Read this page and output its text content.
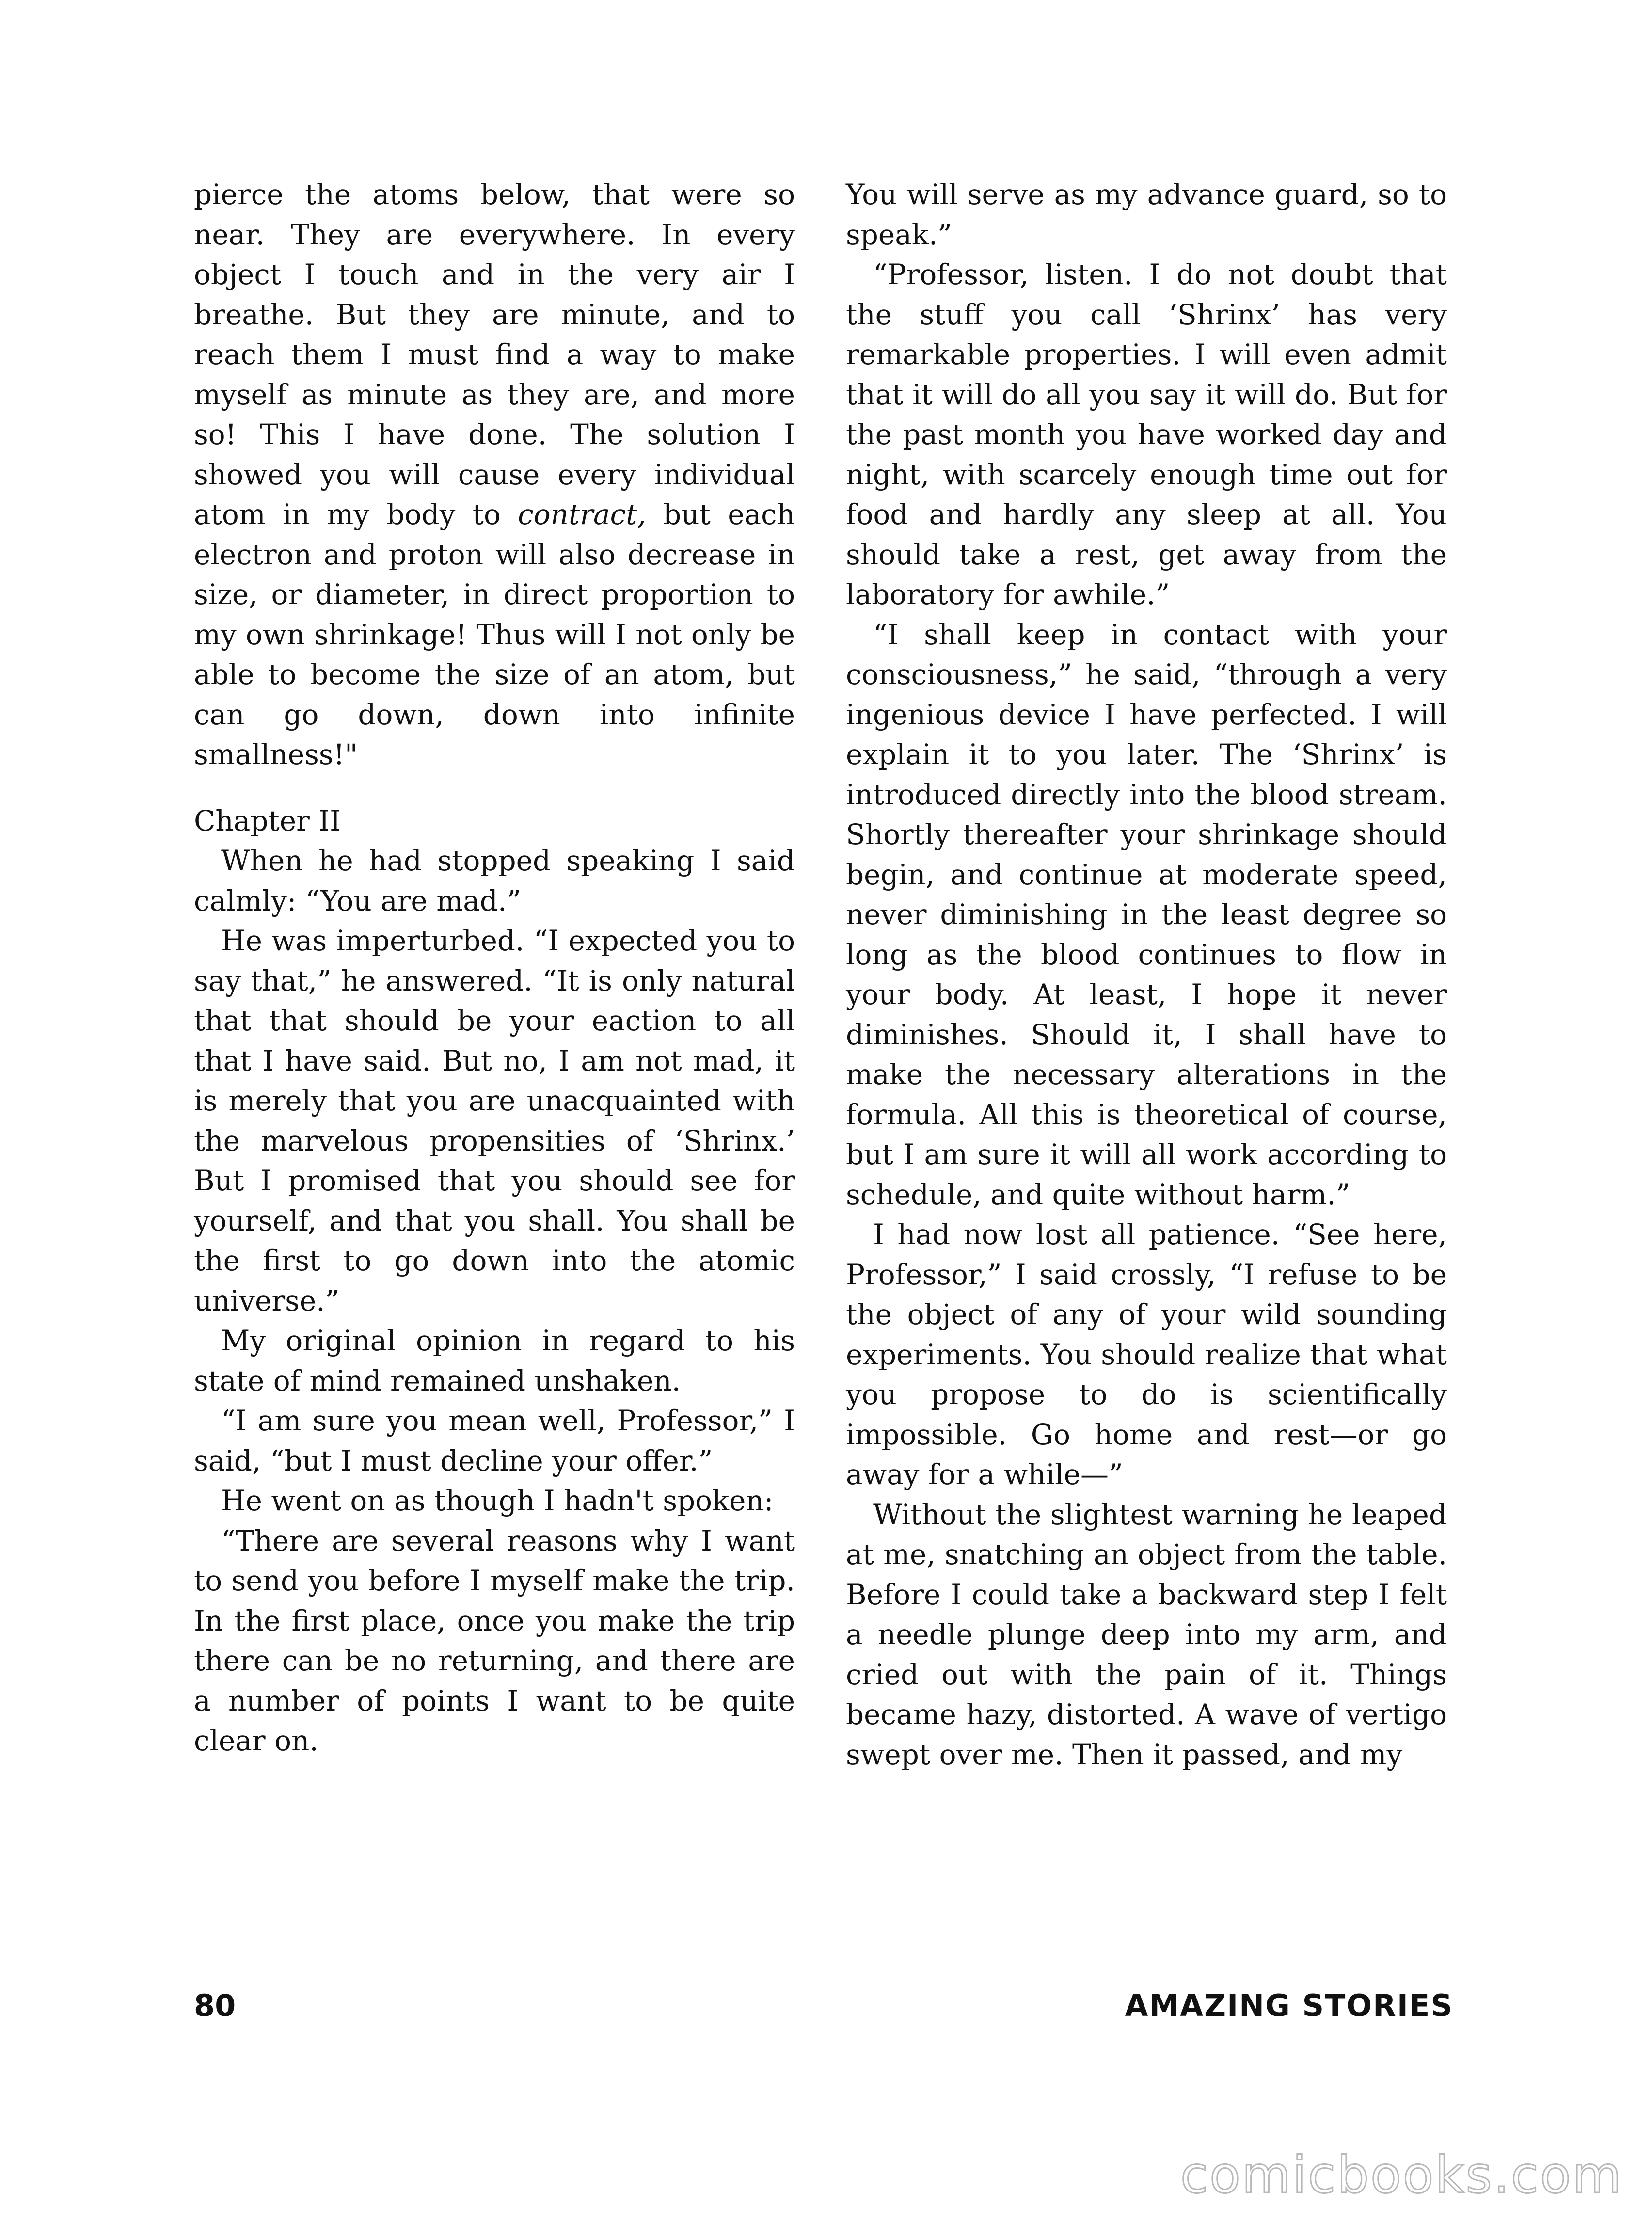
pierce the atoms below, that were so near. They are everywhere. In every object I touch and in the very air I breathe. But they are minute, and to reach them I must find a way to make myself as minute as they are, and more so! This I have done. The solution I showed you will cause every individual atom in my body to contract, but each electron and proton will also decrease in size, or diameter, in direct proportion to my own shrinkage! Thus will I not only be able to become the size of an atom, but can go down, down into infinite smallness!"

Chapter II

When he had stopped speaking I said calmly: “You are mad.”

He was imperturbed. “I expected you to say that,” he answered. “It is only natural that that should be your eaction to all that I have said. But no, I am not mad, it is merely that you are unacquainted with the marvelous propensities of ‘Shrinx.’ But I promised that you should see for yourself, and that you shall. You shall be the first to go down into the atomic universe.”

My original opinion in regard to his state of mind remained unshaken.

“I am sure you mean well, Professor,” I said, “but I must decline your offer.”

He went on as though I hadn't spoken:

“There are several reasons why I want to send you before I myself make the trip. In the first place, once you make the trip there can be no returning, and there are a number of points I want to be quite clear on.

You will serve as my advance guard, so to speak.”

“Professor, listen. I do not doubt that the stuff you call ‘Shrinx’ has very remarkable properties. I will even admit that it will do all you say it will do. But for the past month you have worked day and night, with scarcely enough time out for food and hardly any sleep at all. You should take a rest, get away from the laboratory for awhile.”

“I shall keep in contact with your consciousness,” he said, “through a very ingenious device I have perfected. I will explain it to you later. The ‘Shrinx’ is introduced directly into the blood stream. Shortly thereafter your shrinkage should begin, and continue at moderate speed, never diminishing in the least degree so long as the blood continues to flow in your body. At least, I hope it never diminishes. Should it, I shall have to make the necessary alterations in the formula. All this is theoretical of course, but I am sure it will all work according to schedule, and quite without harm.”

I had now lost all patience. “See here, Professor,” I said crossly, “I refuse to be the object of any of your wild sounding experiments. You should realize that what you propose to do is scientifically impossible. Go home and rest—or go away for a while—”

Without the slightest warning he leaped at me, snatching an object from the table. Before I could take a backward step I felt a needle plunge deep into my arm, and cried out with the pain of it. Things became hazy, distorted. A wave of vertigo swept over me. Then it passed, and my

80	AMAZING STORIES
comicbooks.com
